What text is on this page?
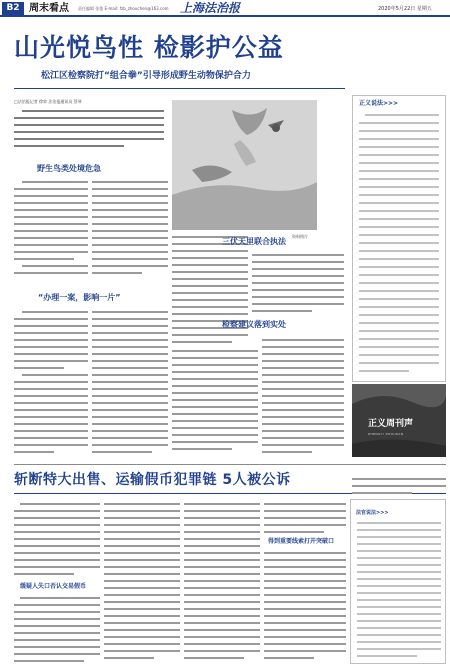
B2 周末看点 责任编辑 张俊 E-mail: fzb_zhouchen@163.com 上海法治报	2020年5月22日 星期五
山光悦鸟性 检影护公益
松江区检察院打“组合拳”引导形成野生动物保护合力
□法治报记者 徐荣 法治报通讯员 蔡琴
野生鸟类处境危急
资料图片
“办理一案，影响一片”
三伏天里联合执法
检察建议落到实处
正义说法>>>
正义周刊声
ZHENGYI ZHOUKAN
斩断特大出售、运输假币犯罪链 5人被公诉
缓疑人失口否认交易假币
得到重要线索打开突破口
法官说法>>>
